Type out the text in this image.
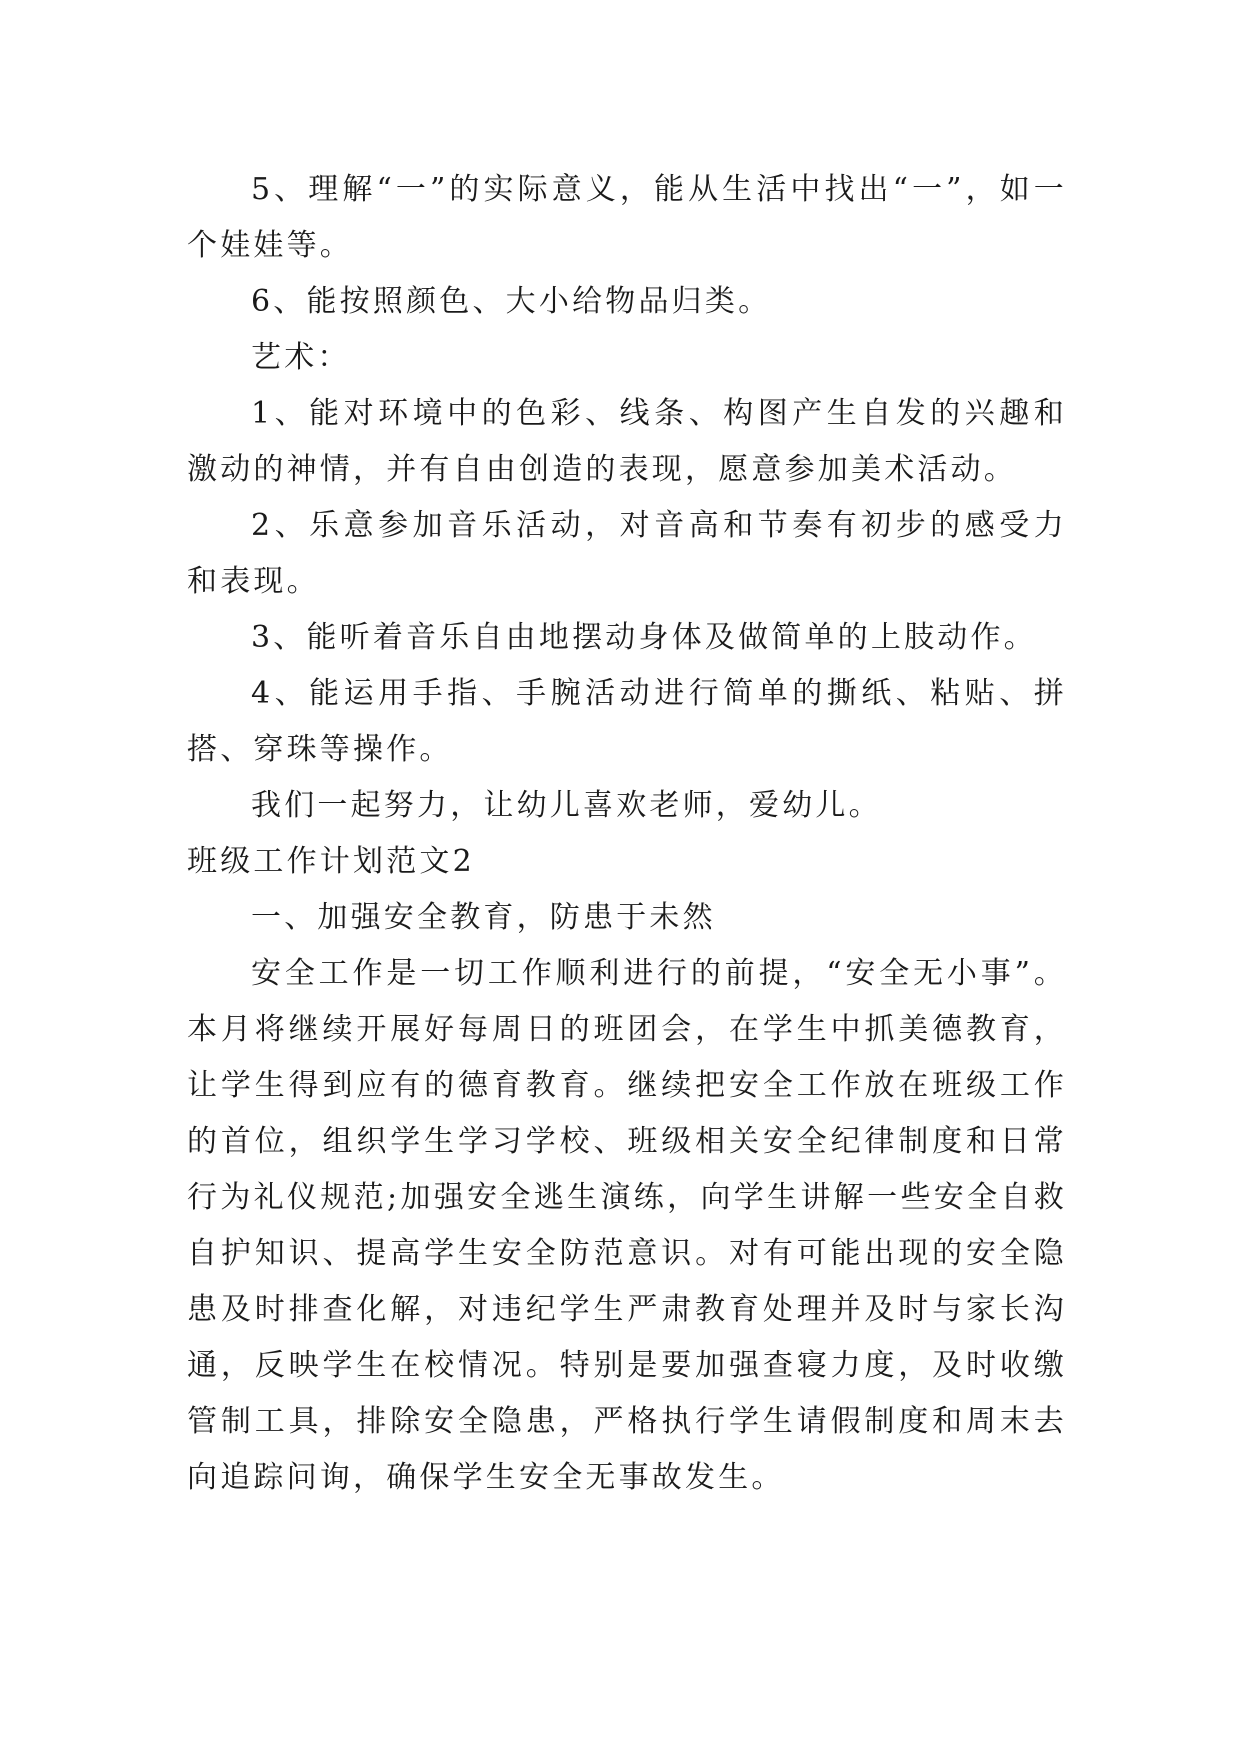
5、理解“一”的实际意义，能从生活中找出“一”，如一个娃娃等。

6、能按照颜色、大小给物品归类。

艺术：

1、能对环境中的色彩、线条、构图产生自发的兴趣和激动的神情，并有自由创造的表现，愿意参加美术活动。

2、乐意参加音乐活动，对音高和节奏有初步的感受力和表现。

3、能听着音乐自由地摆动身体及做简单的上肢动作。

4、能运用手指、手腕活动进行简单的撕纸、粘贴、拼搭、穿珠等操作。

我们一起努力，让幼儿喜欢老师，爱幼儿。

班级工作计划范文2

一、加强安全教育，防患于未然

安全工作是一切工作顺利进行的前提，“安全无小事”。本月将继续开展好每周日的班团会，在学生中抓美德教育，让学生得到应有的德育教育。继续把安全工作放在班级工作的首位，组织学生学习学校、班级相关安全纪律制度和日常行为礼仪规范;加强安全逃生演练，向学生讲解一些安全自救自护知识、提高学生安全防范意识。对有可能出现的安全隐患及时排查化解，对违纪学生严肃教育处理并及时与家长沟通，反映学生在校情况。特别是要加强查寝力度，及时收缴管制工具，排除安全隐患，严格执行学生请假制度和周末去向追踪问询，确保学生安全无事故发生。
